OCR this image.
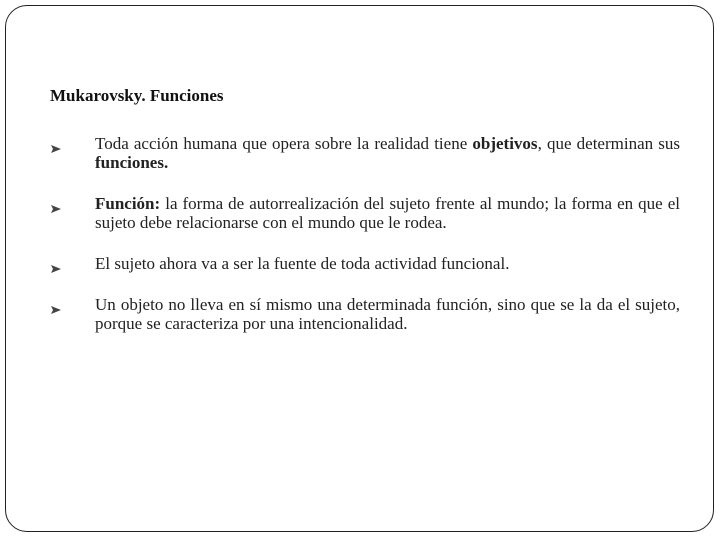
Mukarovsky. Funciones
Toda acción humana que opera sobre la realidad tiene objetivos, que determinan sus funciones.
Función: la forma de autorrealización del sujeto frente al mundo; la forma en que el sujeto debe relacionarse con el mundo que le rodea.
El sujeto ahora va a ser la fuente de toda actividad funcional.
Un objeto no lleva en sí mismo una determinada función, sino que se la da el sujeto, porque se caracteriza por una intencionalidad.
